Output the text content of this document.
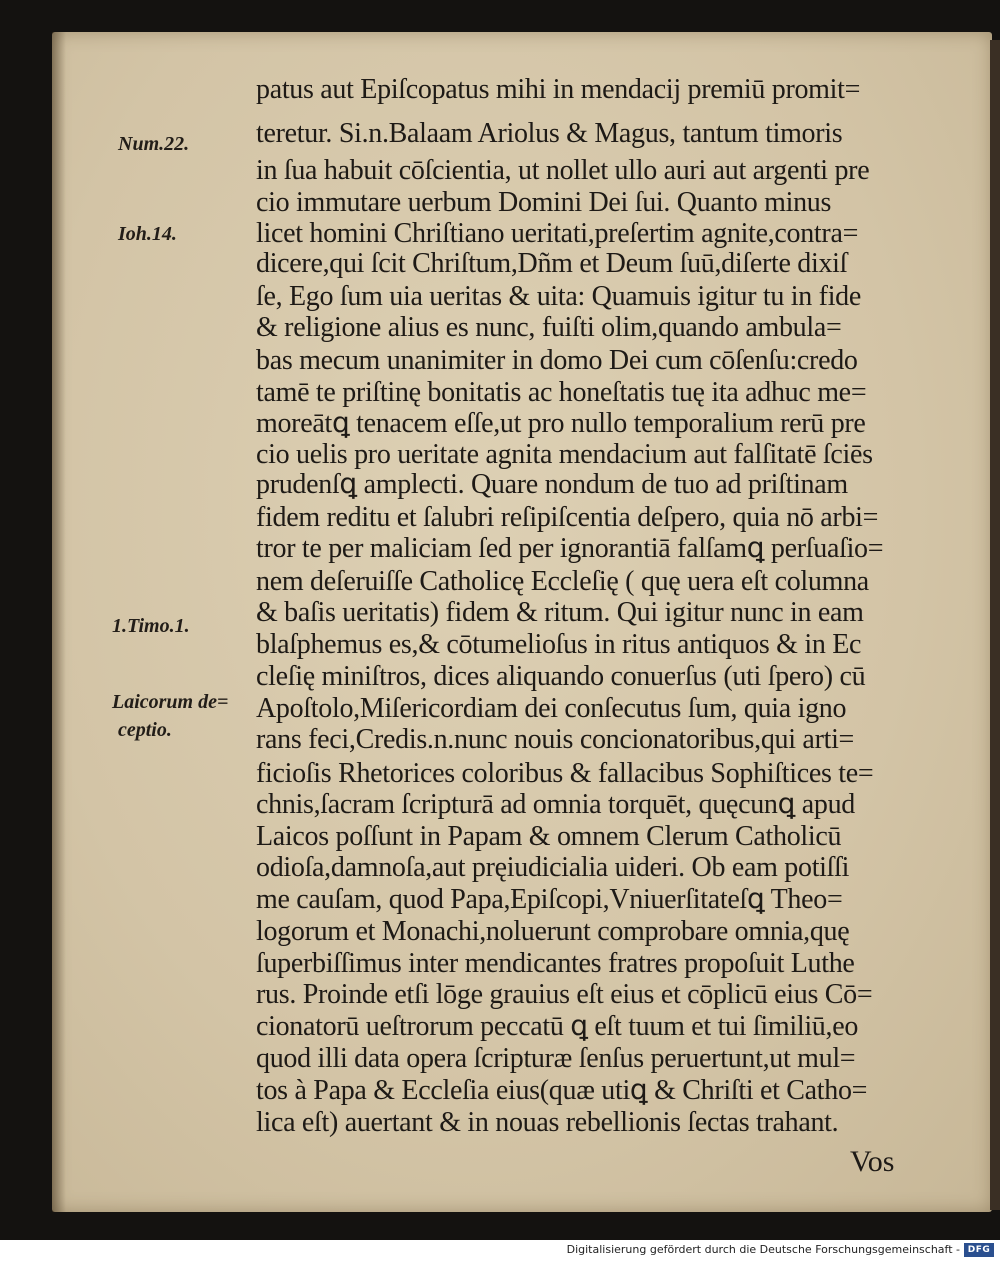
patus aut Epiſcopatus mihi in mendacij premiū promit=
teretur. Si.n.Balaam Ariolus & Magus, tantum timoris
in ſua habuit cōſcientia, ut nollet ullo auri aut argenti pre
cio immutare uerbum Domini Dei ſui. Quanto minus
licet homini Chriſtiano ueritati,preſertim agnite,contra=
dicere,qui ſcit Chriſtum,Dñm et Deum ſuū,diſerte dixiſ
ſe, Ego ſum uia ueritas & uita: Quamuis igitur tu in fide
& religione alius es nunc, fuiſti olim,quando ambula=
bas mecum unanimiter in domo Dei cum cōſenſu:credo
tamē te priſtinę bonitatis ac honeſtatis tuę ita adhuc me=
moreātꝗ tenacem eſſe,ut pro nullo temporalium rerū pre
cio uelis pro ueritate agnita mendacium aut falſitatē ſciēs
prudenſꝗ amplecti. Quare nondum de tuo ad priſtinam
fidem reditu et ſalubri reſipiſcentia deſpero, quia nō arbi=
tror te per maliciam ſed per ignorantiā falſamꝗ perſuaſio=
nem deſeruiſſe Catholicę Eccleſię ( quę uera eſt columna
& baſis ueritatis) fidem & ritum. Qui igitur nunc in eam
blaſphemus es,& cōtumelioſus in ritus antiquos & in Ec
cleſię miniſtros, dices aliquando conuerſus (uti ſpero) cū
Apoſtolo,Miſericordiam dei conſecutus ſum, quia igno
rans feci,Credis.n.nunc nouis concionatoribus,qui arti=
ficioſis Rhetorices coloribus & fallacibus Sophiſtices te=
chnis,ſacram ſcripturā ad omnia torquēt, quęcunꝗ apud
Laicos poſſunt in Papam & omnem Clerum Catholicū
odioſa,damnoſa,aut pręiudicialia uideri. Ob eam potiſſi
me cauſam, quod Papa,Epiſcopi,Vniuerſitateſꝗ Theo=
logorum et Monachi,noluerunt comprobare omnia,quę
ſuperbiſſimus inter mendicantes fratres propoſuit Luthe
rus. Proinde etſi lōge grauius eſt eius et cōplicū eius Cō=
cionatorū ueſtrorum peccatū ꝗ eſt tuum et tui ſimiliū,eo
quod illi data opera ſcripturæ ſenſus peruertunt,ut mul=
tos à Papa & Eccleſia eius(quæ utiꝗ & Chriſti et Catho=
lica eſt) auertant & in nouas rebellionis ſectas trahant.
Num.22.
Ioh.14.
1.Timo.1.
Laicorum de=
ceptio.
Vos
Digitalisierung gefördert durch die Deutsche Forschungsgemeinschaft - DFG
